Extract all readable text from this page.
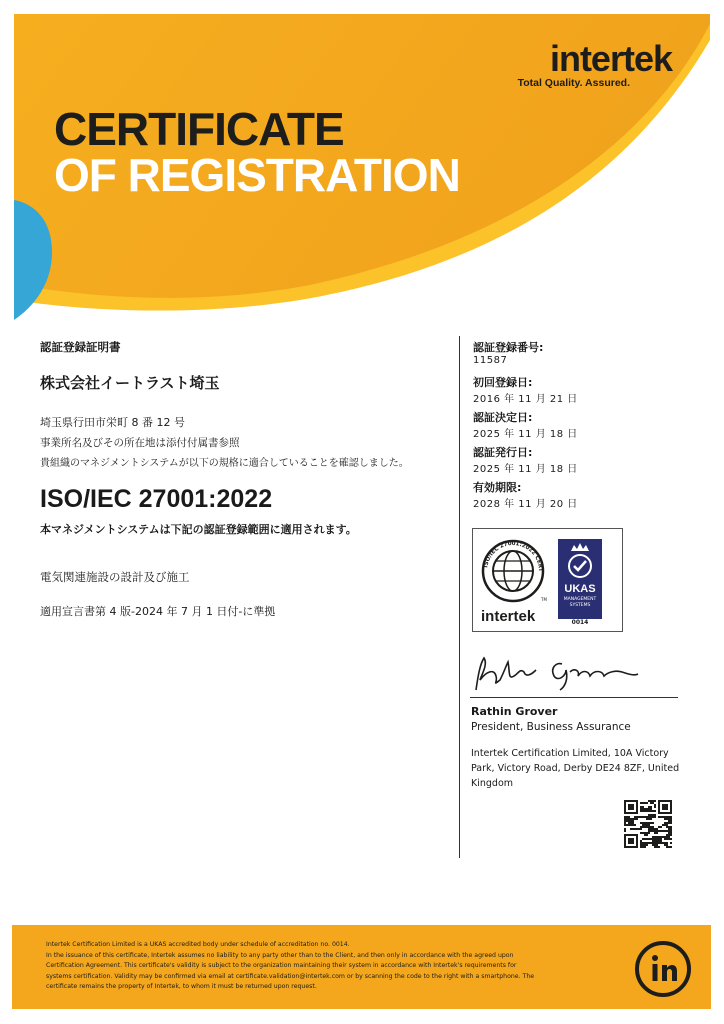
intertek
Total Quality. Assured.
CERTIFICATE
OF REGISTRATION
認証登録証明書
株式会社イートラスト埼玉
埼玉県行田市栄町 8 番 12 号
事業所名及びその所在地は添付付属書参照
貴組織のマネジメントシステムが以下の規格に適合していることを確認しました。
ISO/IEC 27001:2022
本マネジメントシステムは下記の認証登録範囲に適用されます。
電気関連施設の設計及び施工
適用宣言書第 4 版-2024 年 7 月 1 日付-に準拠
認証登録番号:
11587
初回登録日:
2016 年 11 月 21 日
認証決定日:
2025 年 11 月 18 日
認証発行日:
2025 年 11 月 18 日
有効期限:
2028 年 11 月 20 日
ISO/IEC 27001:2022 CERT
TM
intertek
UKAS
MANAGEMENT
SYSTEMS
0014
Rathin Grover
President, Business Assurance
Intertek Certification Limited, 10A Victory Park, Victory Road, Derby DE24 8ZF, United Kingdom
Intertek Certification Limited is a UKAS accredited body under schedule of accreditation no. 0014.
In the issuance of this certificate, Intertek assumes no liability to any party other than to the Client, and then only in accordance with the agreed upon
Certification Agreement. This certificate's validity is subject to the organization maintaining their system in accordance with Intertek's requirements for
systems certification. Validity may be confirmed via email at certificate.validation@intertek.com or by scanning the code to the right with a smartphone. The
certificate remains the property of Intertek, to whom it must be returned upon request.
